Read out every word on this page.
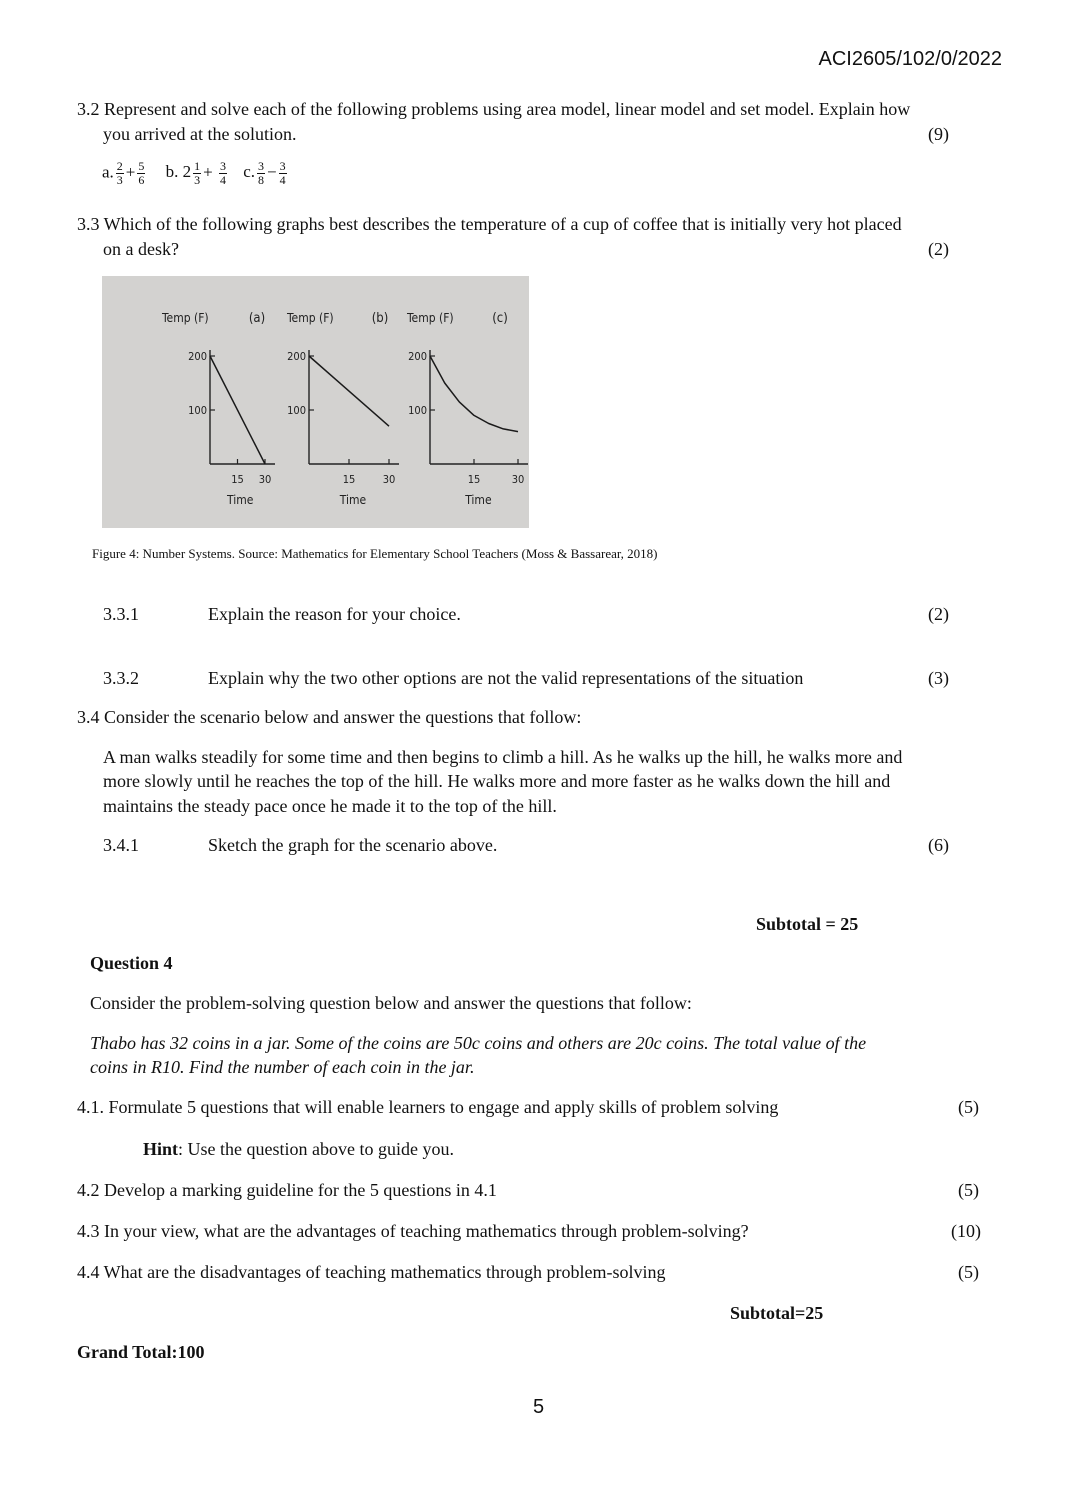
ACI2605/102/0/2022
3.2 Represent and solve each of the following problems using area model, linear model and set model. Explain how
you arrived at the solution.	(9)
a. $\frac{2}{3} + \frac{5}{6} b$. $2 \frac{1}{3} + \frac{3}{4} c$. $\frac{3}{8} - \frac{3}{4}$
3.3 Which of the following graphs best describes the temperature of a cup of coffee that is initially very hot placed
on a desk?	(2)
200
100
15 30
Temp (F)
Time
(a)
200
100
15 30
Temp (F)
Time
(b)
200
100
15	30
Temp (F)
Time
(c)
Figure 4: Number Systems. Source: Mathematics for Elementary School Teachers (Moss & Bassarear, 2018)
3.3.1	Explain the reason for your choice.	(2)
3.3.2	Explain why the two other options are not the valid representations of the situation	(3)
3.4 Consider the scenario below and answer the questions that follow:
A man walks steadily for some time and then begins to climb a hill. As he walks up the hill, he walks more and
more slowly until he reaches the top of the hill. He walks more and more faster as he walks down the hill and
maintains the steady pace once he made it to the top of the hill.
3.4.1	Sketch the graph for the scenario above.	(6)
Subtotal = 25
Question 4
Consider the problem-solving question below and answer the questions that follow:
Thabo has 32 coins in a jar. Some of the coins are 50c coins and others are 20c coins. The total value of the
coins in R10. Find the number of each coin in the jar.
4.1. Formulate 5 questions that will enable learners to engage and apply skills of problem solving	(5)
Hint: Use the question above to guide you.
4.2 Develop a marking guideline for the 5 questions in 4.1	(5)
4.3 In your view, what are the advantages of teaching mathematics through problem-solving?	(10)
4.4 What are the disadvantages of teaching mathematics through problem-solving	(5)
Subtotal=25
Grand Total:100
5
